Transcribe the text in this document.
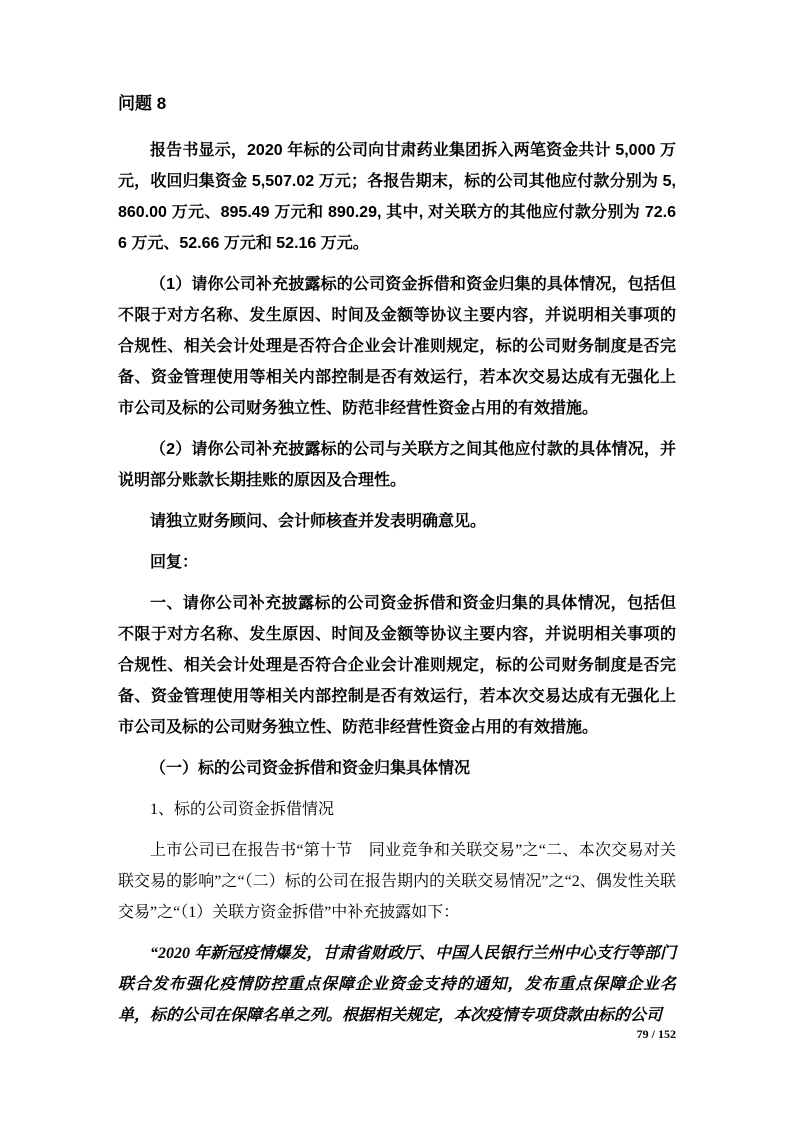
问题 8

报告书显示，2020 年标的公司向甘肃药业集团拆入两笔资金共计 5,000 万元，收回归集资金 5,507.02 万元；各报告期末，标的公司其他应付款分别为 5,860.00 万元、895.49 万元和 890.29, 其中, 对关联方的其他应付款分别为 72.66 万元、52.66 万元和 52.16 万元。

（1）请你公司补充披露标的公司资金拆借和资金归集的具体情况，包括但不限于对方名称、发生原因、时间及金额等协议主要内容，并说明相关事项的合规性、相关会计处理是否符合企业会计准则规定，标的公司财务制度是否完备、资金管理使用等相关内部控制是否有效运行，若本次交易达成有无强化上市公司及标的公司财务独立性、防范非经营性资金占用的有效措施。

（2）请你公司补充披露标的公司与关联方之间其他应付款的具体情况，并说明部分账款长期挂账的原因及合理性。

请独立财务顾问、会计师核查并发表明确意见。

回复：

一、请你公司补充披露标的公司资金拆借和资金归集的具体情况，包括但不限于对方名称、发生原因、时间及金额等协议主要内容，并说明相关事项的合规性、相关会计处理是否符合企业会计准则规定，标的公司财务制度是否完备、资金管理使用等相关内部控制是否有效运行，若本次交易达成有无强化上市公司及标的公司财务独立性、防范非经营性资金占用的有效措施。

（一）标的公司资金拆借和资金归集具体情况

1、标的公司资金拆借情况

上市公司已在报告书“第十节　同业竞争和关联交易”之“二、本次交易对关联交易的影响”之“（二）标的公司在报告期内的关联交易情况”之“2、偶发性关联交易”之“（1）关联方资金拆借”中补充披露如下：

“2020 年新冠疫情爆发，甘肃省财政厅、中国人民银行兰州中心支行等部门联合发布强化疫情防控重点保障企业资金支持的通知，发布重点保障企业名单，标的公司在保障名单之列。根据相关规定，本次疫情专项贷款由标的公司

79 / 152
